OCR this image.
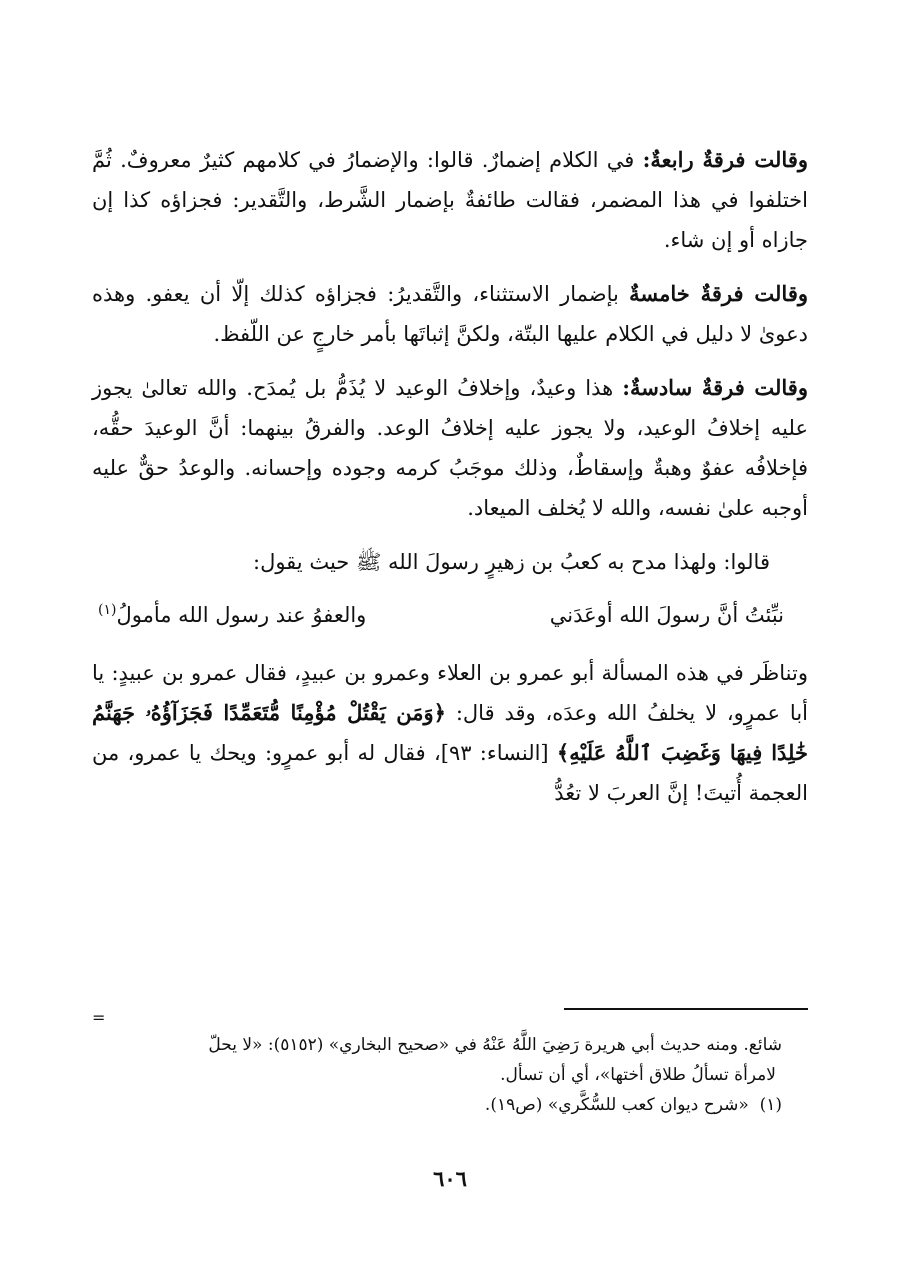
وقالت فرقةٌ رابعةٌ: في الكلام إضمارٌ. قالوا: والإضمارُ في كلامهم كثيرٌ معروفٌ. ثُمَّ اختلفوا في هذا المضمر، فقالت طائفةٌ بإضمار الشَّرط، والتَّقدير: فجزاؤه كذا إن جازاه أو إن شاء.

وقالت فرقةٌ خامسةٌ بإضمار الاستثناء، والتَّقديرُ: فجزاؤه كذلك إلّا أن يعفو. وهذه دعوىٰ لا دليل في الكلام عليها البتّة، ولكنَّ إثباتَها بأمر خارجٍ عن اللّفظ.

وقالت فرقةٌ سادسةٌ: هذا وعيدٌ، وإخلافُ الوعيد لا يُذَمُّ بل يُمدَح. والله تعالىٰ يجوز عليه إخلافُ الوعيد، ولا يجوز عليه إخلافُ الوعد. والفرقُ بينهما: أنَّ الوعيدَ حقُّه، فإخلافُه عفوٌ وهبةٌ وإسقاطٌ، وذلك موجَبُ كرمه وجوده وإحسانه. والوعدُ حقٌّ عليه أوجبه علىٰ نفسه، والله لا يُخلف الميعاد.

قالوا: ولهذا مدح به كعبُ بن زهيرٍ رسولَ الله ﷺ حيث يقول:

نبِّئتُ أنَّ رسولَ الله أوعَدَني
والعفوُ عند رسول الله مأمولُ$^{(١)}$

وتناظَر في هذه المسألة أبو عمرو بن العلاء وعمرو بن عبيدٍ، فقال عمرو بن عبيدٍ: يا أبا عمرٍو، لا يخلفُ الله وعدَه، وقد قال: ﴿وَمَن يَقْتُلْ مُؤْمِنًا مُّتَعَمِّدًا فَجَزَآؤُهُۥ جَهَنَّمُ خَٰلِدًا فِيهَا وَغَضِبَ ٱللَّهُ عَلَيْهِ﴾ [النساء: ٩٣]، فقال له أبو عمرٍو: ويحك يا عمرو، من العجمة أُتيتَ! إنَّ العربَ لا تعُدُّ

=

شائع. ومنه حديث أبي هريرة رَضِيَ اللَّهُ عَنْهُ في «صحيح البخاري» (٥١٥٢): «لا يحلّ

لامرأة تسألُ طلاق أختها»، أي أن تسأل.

(١)  «شرح ديوان كعب للسُّكَّري» (ص١٩).

٦٠٦
